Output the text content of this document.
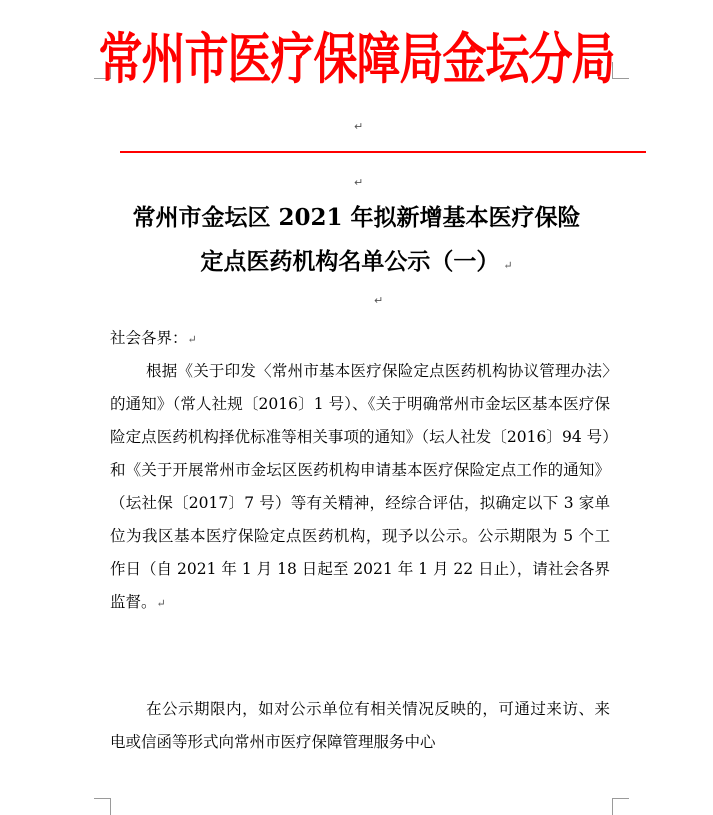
常州市医疗保障局金坛分局
↵
↵
常州市金坛区 2021 年拟新增基本医疗保险
定点医药机构名单公示（一） ↵
↵
社会各界：↵
根据《关于印发〈常州市基本医疗保险定点医药机构协议管理办法〉的通知》（常人社规〔2016〕1 号）、《关于明确常州市金坛区基本医疗保险定点医药机构择优标准等相关事项的通知》（坛人社发〔2016〕94 号）和《关于开展常州市金坛区医药机构申请基本医疗保险定点工作的通知》（坛社保〔2017〕7 号）等有关精神，经综合评估，拟确定以下 3 家单位为我区基本医疗保险定点医药机构，现予以公示。公示期限为 5 个工作日（自 2021 年 1 月 18 日起至 2021 年 1 月 22 日止），请社会各界监督。↵
在公示期限内，如对公示单位有相关情况反映的，可通过来访、来电或信函等形式向常州市医疗保障管理服务中心
